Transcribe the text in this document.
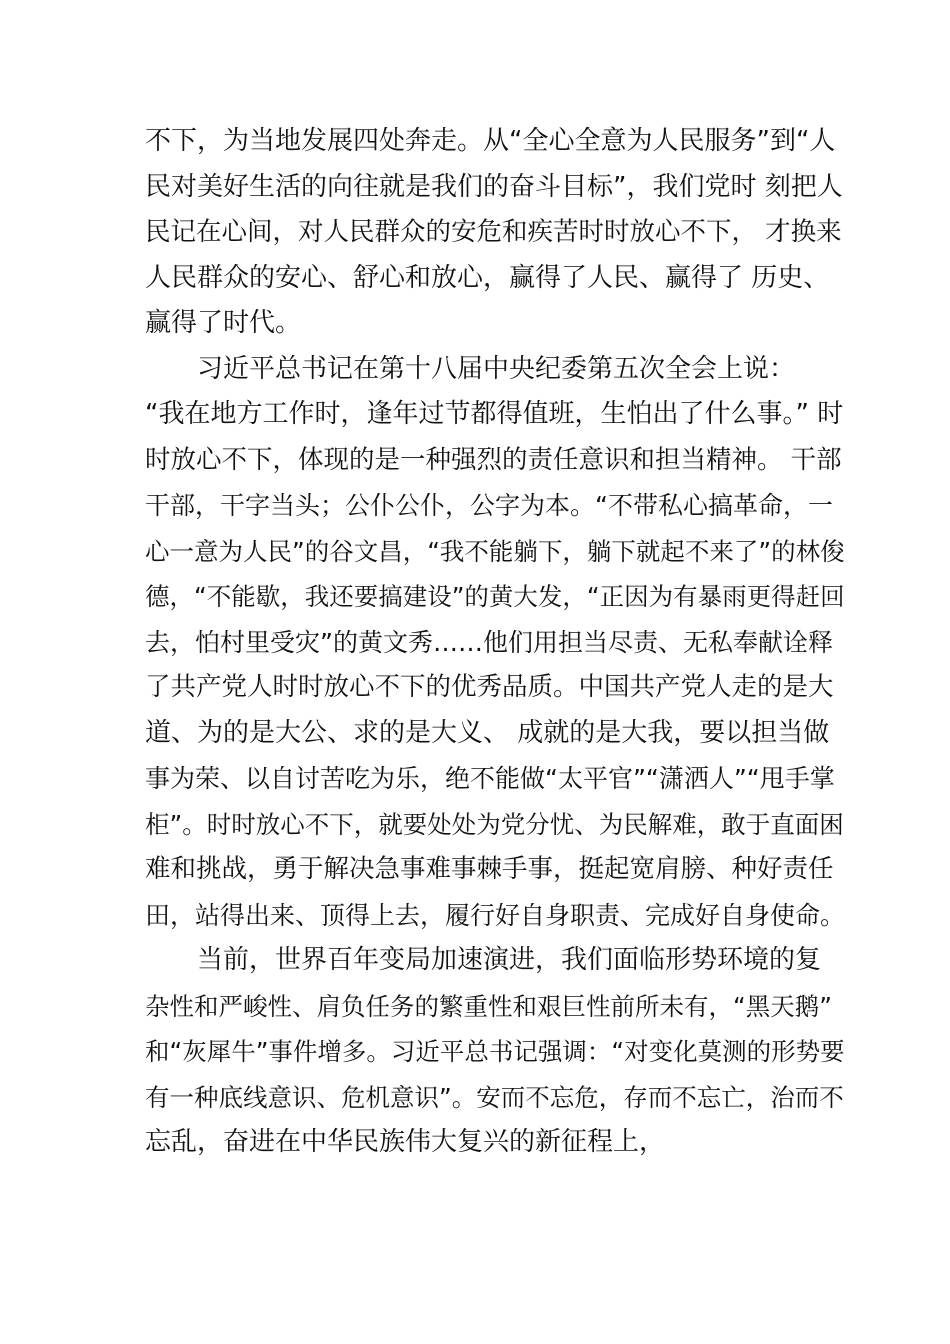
不下，为当地发展四处奔走。从“全心全意为人民服务”到“人
民对美好生活的向往就是我们的奋斗目标”，我们党时 刻把人
民记在心间，对人民群众的安危和疾苦时时放心不下， 才换来
人民群众的安心、舒心和放心，赢得了人民、赢得了 历史、
赢得了时代。
习近平总书记在第十八届中央纪委第五次全会上说：
“我在地方工作时，逢年过节都得值班，生怕出了什么事。” 时
时放心不下，体现的是一种强烈的责任意识和担当精神。 干部
干部，干字当头；公仆公仆，公字为本。“不带私心搞革命，一
心一意为人民”的谷文昌，“我不能躺下，躺下就起不来了”的林俊
德，“不能歇，我还要搞建设”的黄大发，“正因为有暴雨更得赶回
去，怕村里受灾”的黄文秀……他们用担当尽责、无私奉献诠释
了共产党人时时放心不下的优秀品质。中国共产党人走的是大
道、为的是大公、求的是大义、 成就的是大我，要以担当做
事为荣、以自讨苦吃为乐，绝不能做“太平官”“潇洒人”“甩手掌
柜”。时时放心不下，就要处处为党分忧、为民解难，敢于直面困
难和挑战，勇于解决急事难事棘手事，挺起宽肩膀、种好责任
田，站得出来、顶得上去，履行好自身职责、完成好自身使命。
当前，世界百年变局加速演进，我们面临形势环境的复
杂性和严峻性、肩负任务的繁重性和艰巨性前所未有，“黑天鹅”
和“灰犀牛”事件增多。习近平总书记强调：“对变化莫测的形势要
有一种底线意识、危机意识”。安而不忘危，存而不忘亡，治而不
忘乱，奋进在中华民族伟大复兴的新征程上，
